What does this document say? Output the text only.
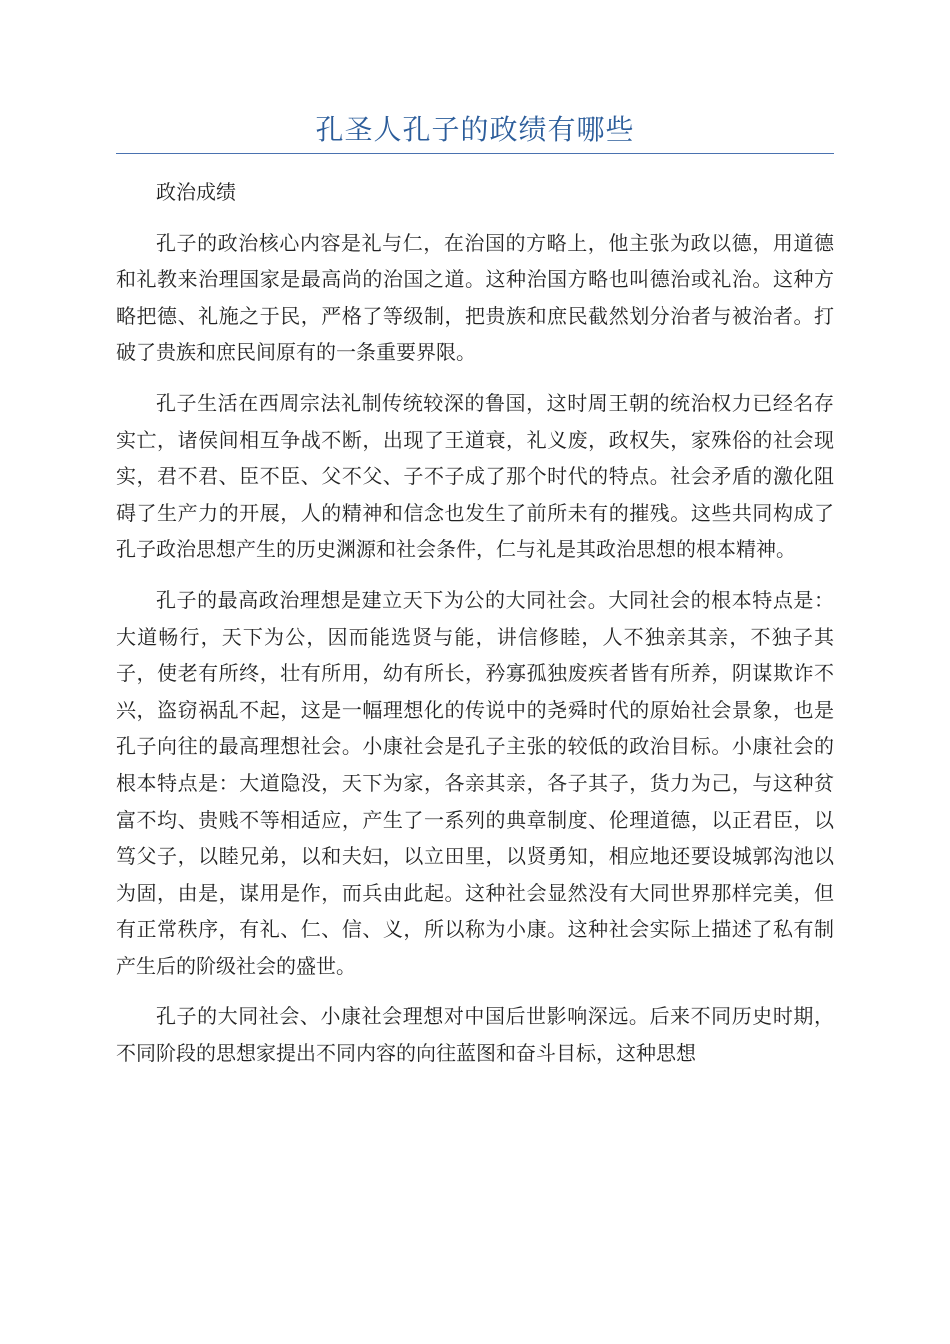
孔圣人孔子的政绩有哪些

政治成绩

孔子的政治核心内容是礼与仁，在治国的方略上，他主张为政以德，用道德和礼教来治理国家是最高尚的治国之道。这种治国方略也叫德治或礼治。这种方略把德、礼施之于民，严格了等级制，把贵族和庶民截然划分治者与被治者。打破了贵族和庶民间原有的一条重要界限。

孔子生活在西周宗法礼制传统较深的鲁国，这时周王朝的统治权力已经名存实亡，诸侯间相互争战不断，出现了王道衰，礼义废，政权失，家殊俗的社会现实，君不君、臣不臣、父不父、子不子成了那个时代的特点。社会矛盾的激化阻碍了生产力的开展，人的精神和信念也发生了前所未有的摧残。这些共同构成了孔子政治思想产生的历史渊源和社会条件，仁与礼是其政治思想的根本精神。

孔子的最高政治理想是建立天下为公的大同社会。大同社会的根本特点是：大道畅行，天下为公，因而能选贤与能，讲信修睦，人不独亲其亲，不独子其子，使老有所终，壮有所用，幼有所长，矜寡孤独废疾者皆有所养，阴谋欺诈不兴，盗窃祸乱不起，这是一幅理想化的传说中的尧舜时代的原始社会景象，也是孔子向往的最高理想社会。小康社会是孔子主张的较低的政治目标。小康社会的根本特点是：大道隐没，天下为家，各亲其亲，各子其子，货力为己，与这种贫富不均、贵贱不等相适应，产生了一系列的典章制度、伦理道德，以正君臣，以笃父子，以睦兄弟，以和夫妇，以立田里，以贤勇知，相应地还要设城郭沟池以为固，由是，谋用是作，而兵由此起。这种社会显然没有大同世界那样完美，但有正常秩序，有礼、仁、信、义，所以称为小康。这种社会实际上描述了私有制产生后的阶级社会的盛世。

孔子的大同社会、小康社会理想对中国后世影响深远。后来不同历史时期，不同阶段的思想家提出不同内容的向往蓝图和奋斗目标，这种思想
